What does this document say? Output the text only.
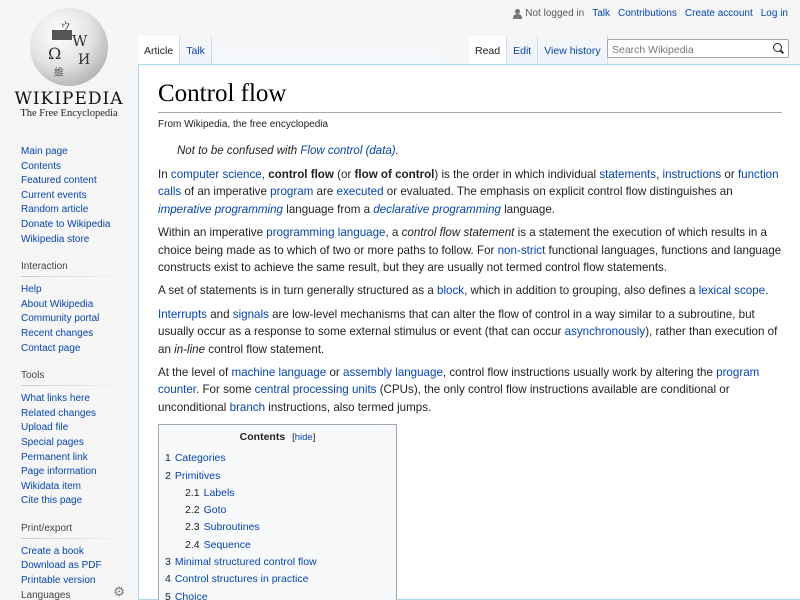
Ω
W
И
ウ
維
WIKIPEDIA
The Free Encyclopedia
Not logged in Talk Contributions Create account Log in
Article	Talk	Read	Edit	View history
Search Wikipedia
Main page
Contents
Featured content
Current events
Random article
Donate to Wikipedia
Wikipedia store
Interaction
Help
About Wikipedia
Community portal
Recent changes
Contact page
Tools
What links here
Related changes
Upload file
Special pages
Permanent link
Page information
Wikidata item
Cite this page
Print/export
Create a book
Download as PDF
Printable version
Languages	⚙
Control flow
From Wikipedia, the free encyclopedia
Not to be confused with Flow control (data).

In computer science, control flow (or flow of control) is the order in which individual statements, instructions or function calls of an imperative program are executed or evaluated. The emphasis on explicit control flow distinguishes an imperative programming language from a declarative programming language.

Within an imperative programming language, a control flow statement is a statement the execution of which results in a choice being made as to which of two or more paths to follow. For non-strict functional languages, functions and language constructs exist to achieve the same result, but they are usually not termed control flow statements.

A set of statements is in turn generally structured as a block, which in addition to grouping, also defines a lexical scope.

Interrupts and signals are low-level mechanisms that can alter the flow of control in a way similar to a subroutine, but usually occur as a response to some external stimulus or event (that can occur asynchronously), rather than execution of an in-line control flow statement.

At the level of machine language or assembly language, control flow instructions usually work by altering the program counter. For some central processing units (CPUs), the only control flow instructions available are conditional or unconditional branch instructions, also termed jumps.

Contents [hide]
1 Categories
2 Primitives
2.1 Labels
2.2 Goto
2.3 Subroutines
2.4 Sequence
3 Minimal structured control flow
4 Control structures in practice
5 Choice
